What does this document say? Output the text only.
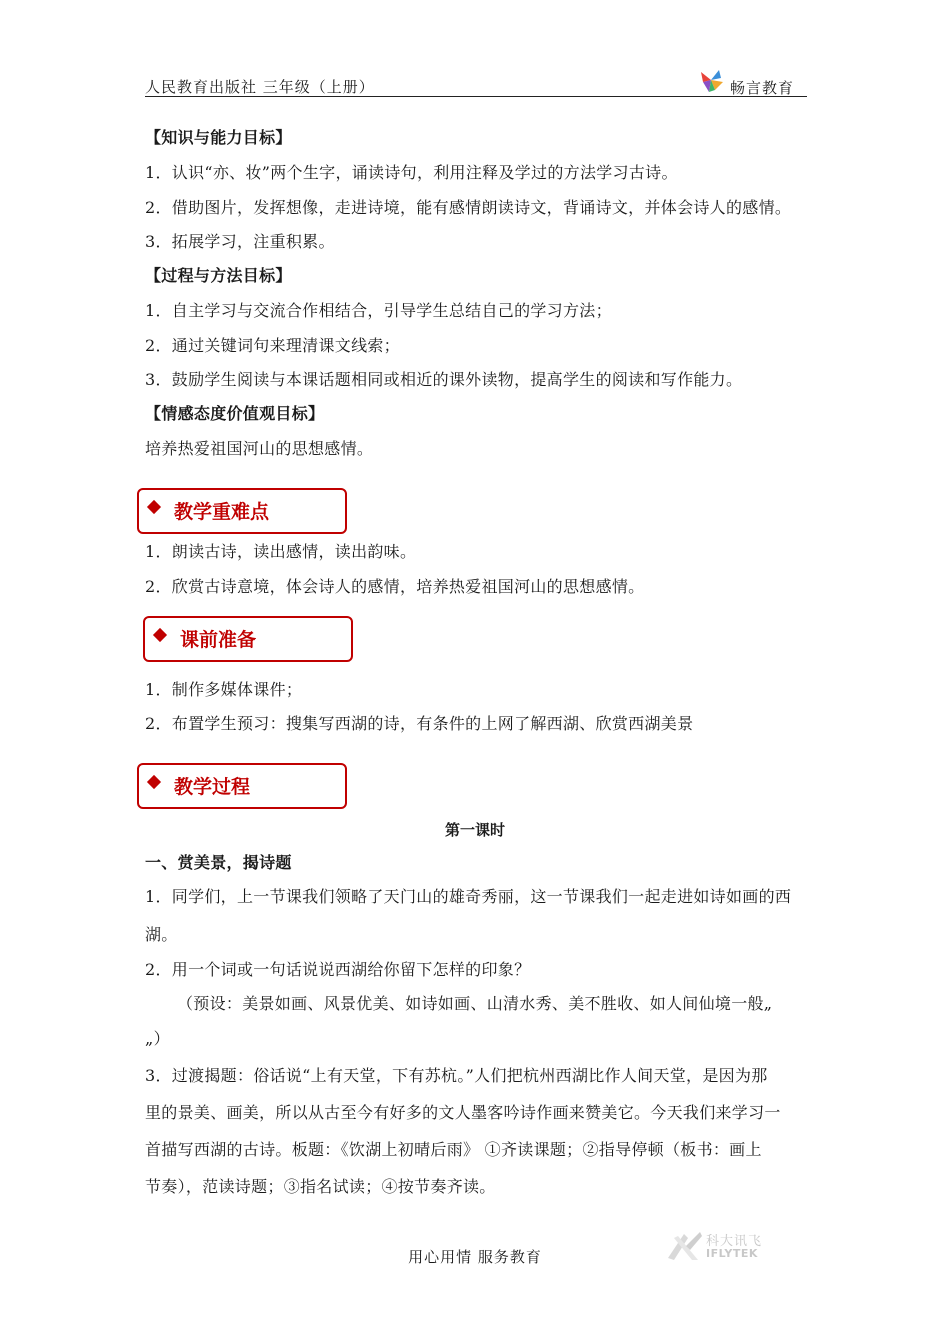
人民教育出版社 三年级（上册）	畅言教育
【知识与能力目标】
1．认识“亦、妆”两个生字，诵读诗句，利用注释及学过的方法学习古诗。
2．借助图片，发挥想像，走进诗境，能有感情朗读诗文，背诵诗文，并体会诗人的感情。
3．拓展学习，注重积累。
【过程与方法目标】
1．自主学习与交流合作相结合，引导学生总结自己的学习方法；
2．通过关键词句来理清课文线索；
3．鼓励学生阅读与本课话题相同或相近的课外读物，提高学生的阅读和写作能力。
【情感态度价值观目标】
培养热爱祖国河山的思想感情。
教学重难点
1．朗读古诗，读出感情，读出韵味。
2．欣赏古诗意境，体会诗人的感情，培养热爱祖国河山的思想感情。
课前准备
1．制作多媒体课件；
2．布置学生预习：搜集写西湖的诗，有条件的上网了解西湖、欣赏西湖美景
教学过程
第一课时
一、赏美景，揭诗题
1．同学们，上一节课我们领略了天门山的雄奇秀丽，这一节课我们一起走进如诗如画的西
湖。
2．用一个词或一句话说说西湖给你留下怎样的印象？
（预设：美景如画、风景优美、如诗如画、山清水秀、美不胜收、如人间仙境一般„
„）
3．过渡揭题：俗话说“上有天堂，下有苏杭。”人们把杭州西湖比作人间天堂，是因为那
里的景美、画美，所以从古至今有好多的文人墨客吟诗作画来赞美它。今天我们来学习一
首描写西湖的古诗。板题：《饮湖上初晴后雨》 ①齐读课题；②指导停顿（板书：画上
节奏），范读诗题；③指名试读；④按节奏齐读。
用心用情 服务教育
科大讯飞
IFLYTEK
